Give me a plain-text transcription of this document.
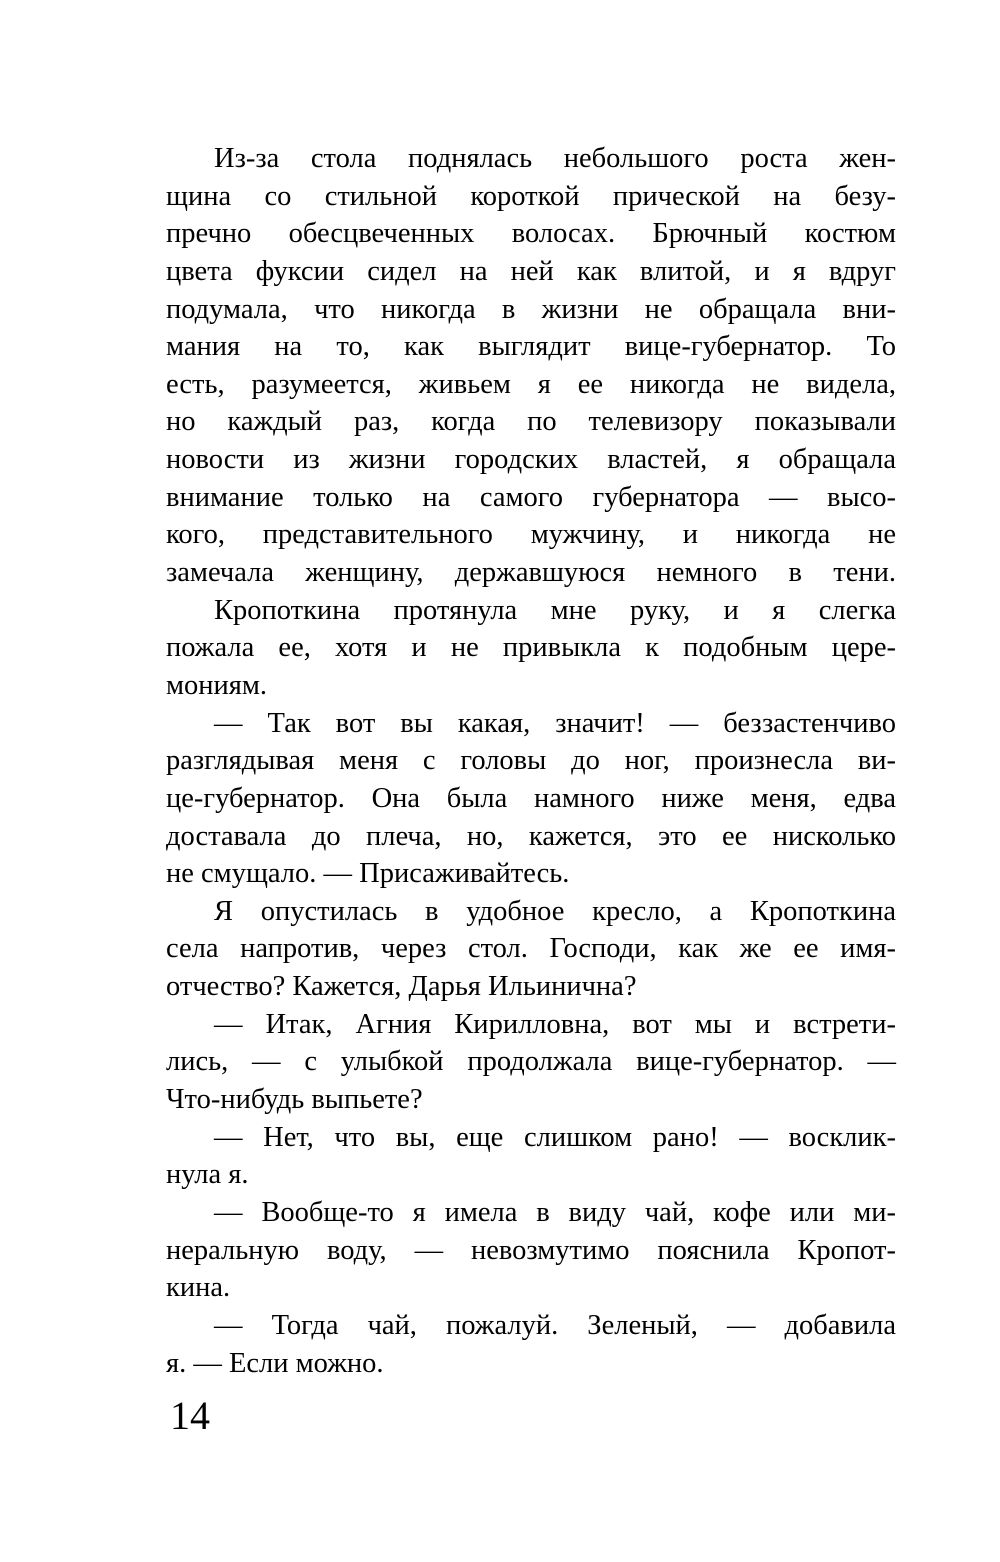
Из-за стола поднялась небольшого роста жен-
щина со стильной короткой прической на безу-
пречно обесцвеченных волосах. Брючный костюм
цвета фуксии сидел на ней как влитой, и я вдруг
подумала, что никогда в жизни не обращала вни-
мания на то, как выглядит вице-губернатор. То
есть, разумеется, живьем я ее никогда не видела,
но каждый раз, когда по телевизору показывали
новости из жизни городских властей, я обращала
внимание только на самого губернатора — высо-
кого, представительного мужчину, и никогда не
замечала женщину, державшуюся немного в тени.
Кропоткина протянула мне руку, и я слегка
пожала ее, хотя и не привыкла к подобным цере-
мониям.
— Так вот вы какая, значит! — беззастенчиво
разглядывая меня с головы до ног, произнесла ви-
це-губернатор. Она была намного ниже меня, едва
доставала до плеча, но, кажется, это ее нисколько
не смущало. — Присаживайтесь.
Я опустилась в удобное кресло, а Кропоткина
села напротив, через стол. Господи, как же ее имя-
отчество? Кажется, Дарья Ильинична?
— Итак, Агния Кирилловна, вот мы и встрети-
лись, — с улыбкой продолжала вице-губернатор. —
Что-нибудь выпьете?
— Нет, что вы, еще слишком рано! — восклик-
нула я.
— Вообще-то я имела в виду чай, кофе или ми-
неральную воду, — невозмутимо пояснила Кропот-
кина.
— Тогда чай, пожалуй. Зеленый, — добавила
я. — Если можно.
14
